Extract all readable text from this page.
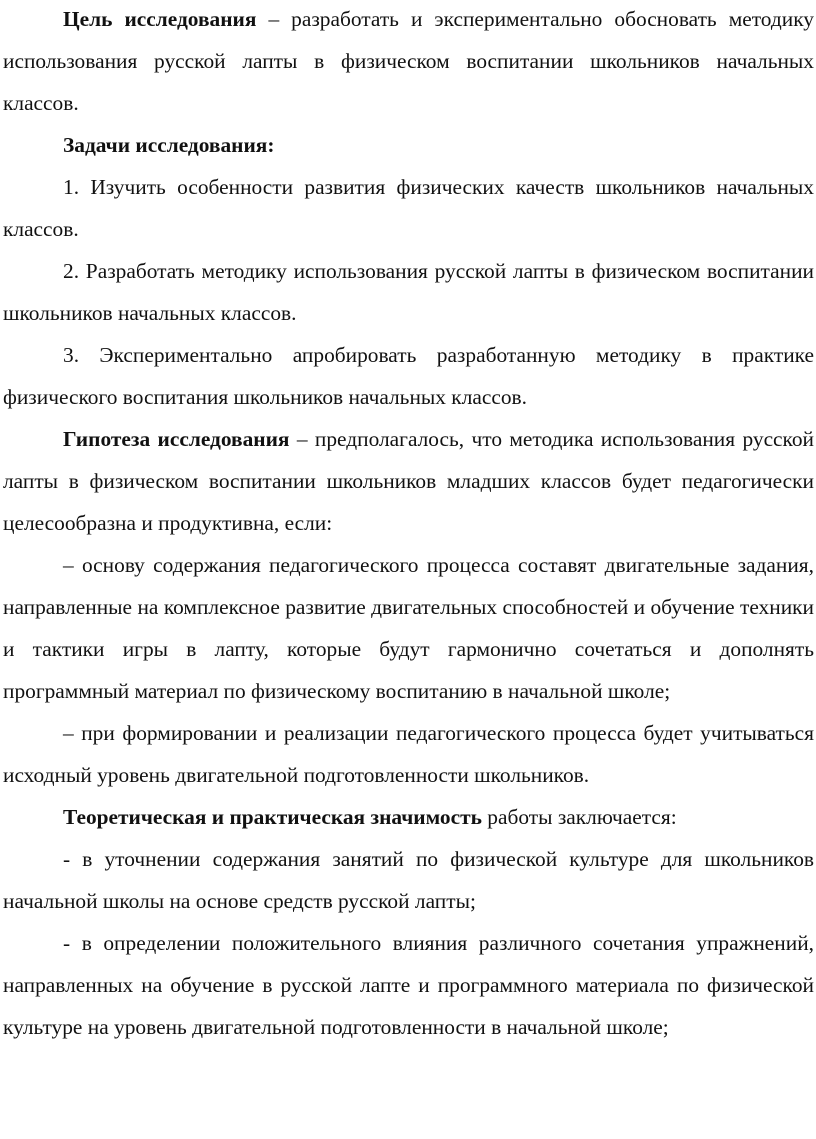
Цель исследования – разработать и экспериментально обосновать методику использования русской лапты в физическом воспитании школьников начальных классов.

Задачи исследования:

1. Изучить особенности развития физических качеств школьников начальных классов.

2. Разработать методику использования русской лапты в физическом воспитании школьников начальных классов.

3. Экспериментально апробировать разработанную методику в практике физического воспитания школьников начальных классов.

Гипотеза исследования – предполагалось, что методика использования русской лапты в физическом воспитании школьников младших классов будет педагогически целесообразна и продуктивна, если:

– основу содержания педагогического процесса составят двигательные задания, направленные на комплексное развитие двигательных способностей и обучение техники и тактики игры в лапту, которые будут гармонично сочетаться и дополнять программный материал по физическому воспитанию в начальной школе;

– при формировании и реализации педагогического процесса будет учитываться исходный уровень двигательной подготовленности школьников.

Теоретическая и практическая значимость работы заключается:

- в уточнении содержания занятий по физической культуре для школьников начальной школы на основе средств русской лапты;

- в определении положительного влияния различного сочетания упражнений, направленных на обучение в русской лапте и программного материала по физической культуре на уровень двигательной подготовленности в начальной школе;
